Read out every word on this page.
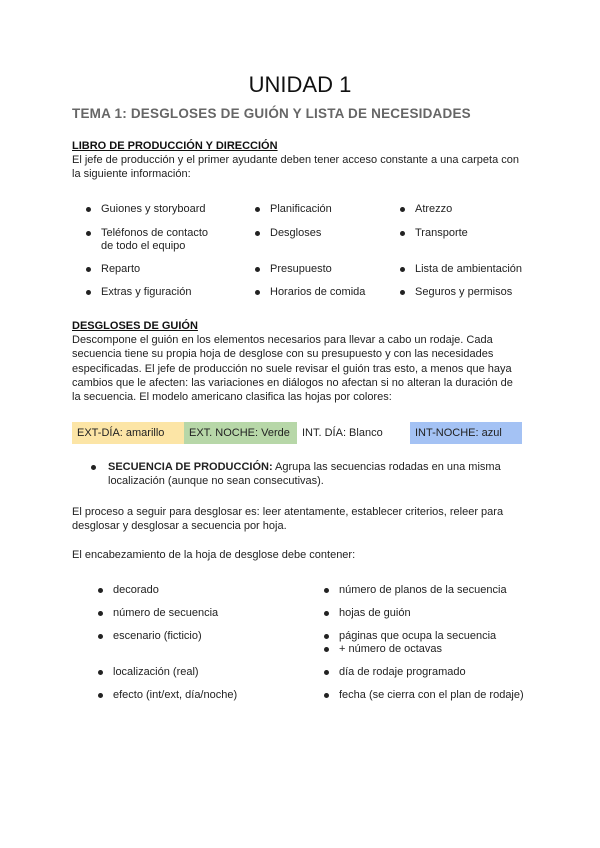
UNIDAD 1
TEMA 1: DESGLOSES DE GUIÓN Y LISTA DE NECESIDADES
LIBRO DE PRODUCCIÓN Y DIRECCIÓN
El jefe de producción y el primer ayudante deben tener acceso constante a una carpeta con
la siguiente información:
Guiones y storyboard
Teléfonos de contacto
de todo el equipo
Reparto
Extras y figuración
Planificación
Desgloses
Presupuesto
Horarios de comida
Atrezzo
Transporte
Lista de ambientación
Seguros y permisos
DESGLOSES DE GUIÓN
Descompone el guión en los elementos necesarios para llevar a cabo un rodaje. Cada
secuencia tiene su propia hoja de desglose con su presupuesto y con las necesidades
especificadas. El jefe de producción no suele revisar el guión tras esto, a menos que haya
cambios que le afecten: las variaciones en diálogos no afectan si no alteran la duración de
la secuencia. El modelo americano clasifica las hojas por colores:
EXT-DÍA: amarillo	EXT. NOCHE: Verde	INT. DÍA: Blanco	INT-NOCHE: azul
SECUENCIA DE PRODUCCIÓN: Agrupa las secuencias rodadas en una misma
localización (aunque no sean consecutivas).
El proceso a seguir para desglosar es: leer atentamente, establecer criterios, releer para
desglosar y desglosar a secuencia por hoja.
El encabezamiento de la hoja de desglose debe contener:
decorado
número de secuencia
escenario (ficticio)
localización (real)
efecto (int/ext, día/noche)
número de planos de la secuencia
hojas de guión
páginas que ocupa la secuencia
+ número de octavas
día de rodaje programado
fecha (se cierra con el plan de rodaje)
